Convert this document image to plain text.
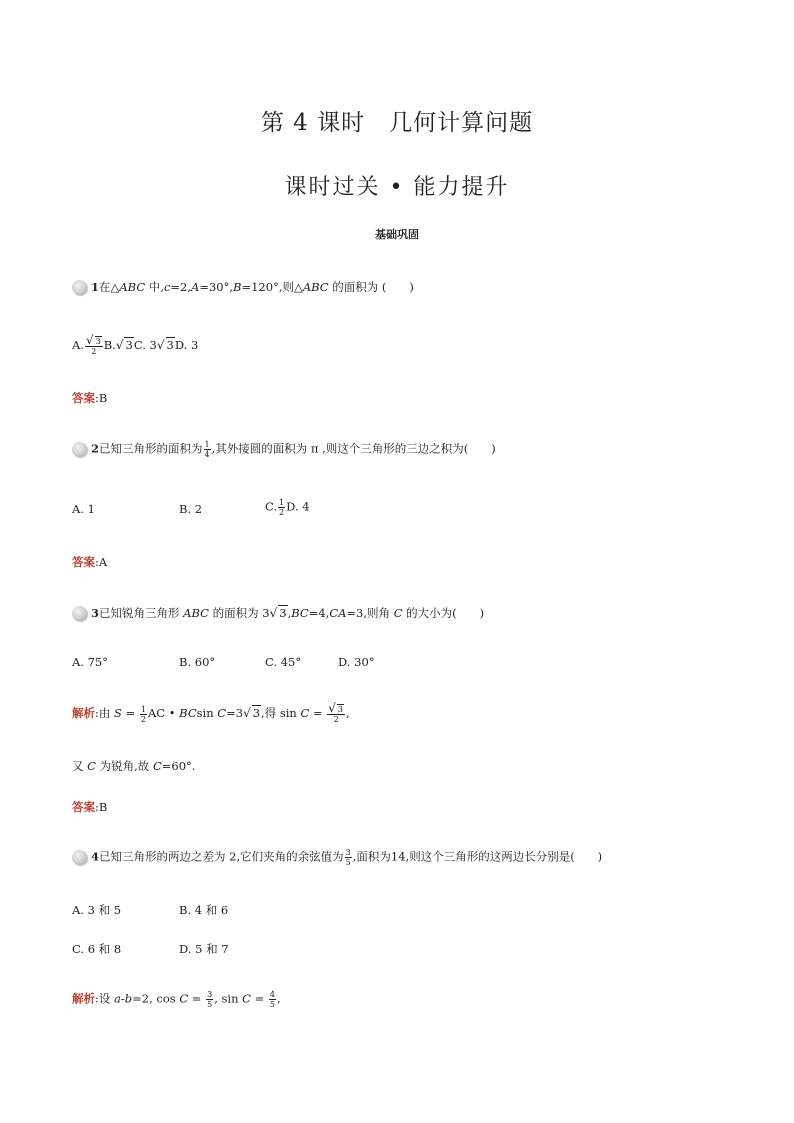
第 4 课时　几何计算问题
课时过关 • 能力提升
基础巩固
1在△ABC 中,c=2,A=30°,B=120°,则△ABC 的面积为 (　　)
A. $\frac{√ 3}{2} B.√$ 3C. 3√ 3D. 3
答案:B
2已知三角形的面积为 $\frac{1}{4}$ ,其外接圆的面积为 π ,则这个三角形的三边之积为(　　)
A. 1	B. 2	C. $\frac{1}{2} D$. 4
答案:A
3已知锐角三角形 ABC 的面积为 3√ 3,BC=4,CA=3,则角 C 的大小为(　　)
A. 75°	B. 60°	C. 45°	D. 30°
解析:由 $S = \frac{1}{2}$ AC • BCsin C=3√ 3,得 $\sin C = \frac{√ 3}{2}$ ,
又 C 为锐角,故 C=60°.
答案:B
4已知三角形的两边之差为 2,它们夹角的余弦值为 $\frac{3}{5}$ ,面积为14,则这个三角形的这两边长分别是(　　)
A. 3 和 5	B. 4 和 6
C. 6 和 8	D. 5 和 7
解析:设 a-b=2, $\cos C = \frac{3}{5}$ , $\sin C = \frac{4}{5}$ ,
